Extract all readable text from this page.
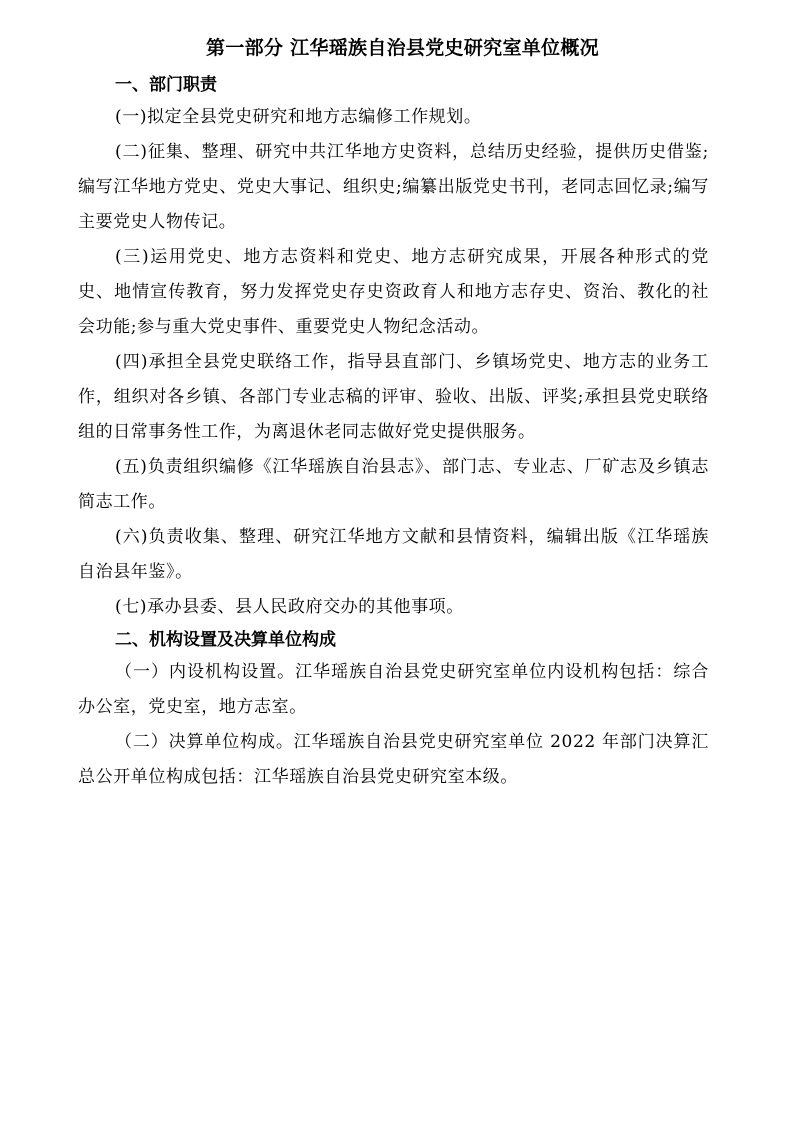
第一部分 江华瑶族自治县党史研究室单位概况
一、部门职责

(一)拟定全县党史研究和地方志编修工作规划。

(二)征集、整理、研究中共江华地方史资料，总结历史经验，提供历史借鉴;编写江华地方党史、党史大事记、组织史;编纂出版党史书刊，老同志回忆录;编写主要党史人物传记。

(三)运用党史、地方志资料和党史、地方志研究成果，开展各种形式的党史、地情宣传教育，努力发挥党史存史资政育人和地方志存史、资治、教化的社会功能;参与重大党史事件、重要党史人物纪念活动。

(四)承担全县党史联络工作，指导县直部门、乡镇场党史、地方志的业务工作，组织对各乡镇、各部门专业志稿的评审、验收、出版、评奖;承担县党史联络组的日常事务性工作，为离退休老同志做好党史提供服务。

(五)负责组织编修《江华瑶族自治县志》、部门志、专业志、厂矿志及乡镇志简志工作。

(六)负责收集、整理、研究江华地方文献和县情资料，编辑出版《江华瑶族自治县年鉴》。

(七)承办县委、县人民政府交办的其他事项。

二、机构设置及决算单位构成

（一）内设机构设置。江华瑶族自治县党史研究室单位内设机构包括：综合办公室，党史室，地方志室。

（二）决算单位构成。江华瑶族自治县党史研究室单位 2022 年部门决算汇总公开单位构成包括：江华瑶族自治县党史研究室本级。
